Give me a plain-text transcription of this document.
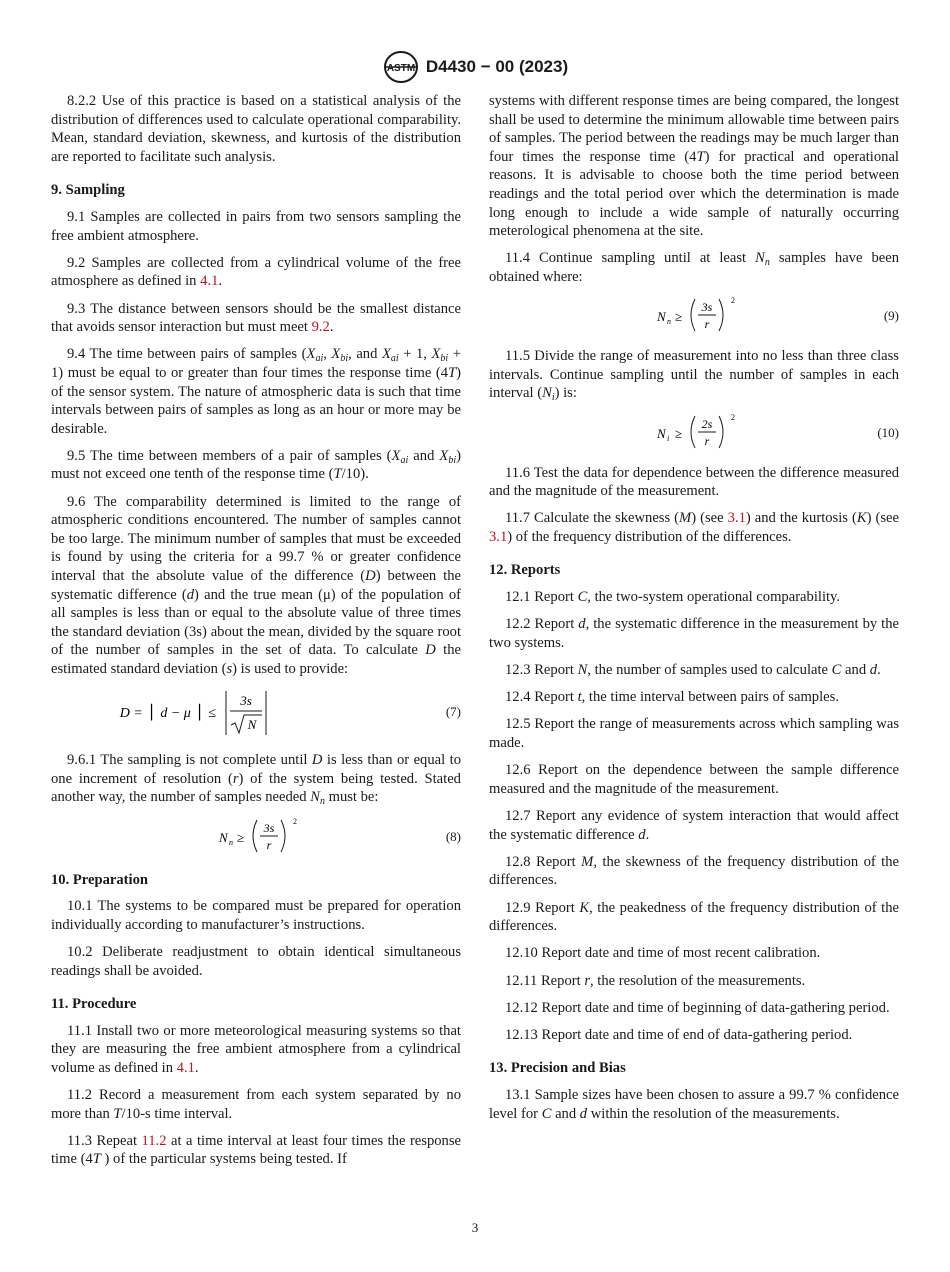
ASTM D4430 − 00 (2023)

8.2.2 Use of this practice is based on a statistical analysis of the distribution of differences used to calculate operational comparability. Mean, standard deviation, skewness, and kurtosis of the distribution are reported to facilitate such analysis.

9. Sampling

9.1 Samples are collected in pairs from two sensors sampling the free ambient atmosphere.

9.2 Samples are collected from a cylindrical volume of the free atmosphere as defined in 4.1.

9.3 The distance between sensors should be the smallest distance that avoids sensor interaction but must meet 9.2.

9.4 The time between pairs of samples ($X_{ai}$, $X_{bi}$, and $X_{ai} + 1$, $X_{bi} + 1$) must be equal to or greater than four times the response time (4T) of the sensor system. The nature of atmospheric data is such that time intervals between pairs of samples as long as an hour or more may be desirable.

9.5 The time between members of a pair of samples ($X_{ai}$ and $X_{bi}$) must not exceed one tenth of the response time (T/10).

9.6 The comparability determined is limited to the range of atmospheric conditions encountered. The number of samples cannot be too large. The minimum number of samples that must be exceeded is found by using the criteria for a 99.7 % or greater confidence interval that the absolute value of the difference (D) between the systematic difference (d) and the true mean (μ) of the population of all samples is less than or equal to the absolute value of three times the standard deviation (3s) about the mean, divided by the square root of the number of samples in the set of data. To calculate D the estimated standard deviation (s) is used to provide:

D = ⎪ d − μ ⎪ ≤
3s
N
(7)

9.6.1 The sampling is not complete until D is less than or equal to one increment of resolution (r) of the system being tested. Stated another way, the number of samples needed $N_n$ must be:

N n ≥
3s
r
2
(8)
10. Preparation

10.1 The systems to be compared must be prepared for operation individually according to manufacturer’s instructions.

10.2 Deliberate readjustment to obtain identical simultaneous readings shall be avoided.

11. Procedure

11.1 Install two or more meteorological measuring systems so that they are measuring the free ambient atmosphere from a cylindrical volume as defined in 4.1.

11.2 Record a measurement from each system separated by no more than T/10-s time interval.

11.3 Repeat 11.2 at a time interval at least four times the response time (4T ) of the particular systems being tested. If

systems with different response times are being compared, the longest shall be used to determine the minimum allowable time between pairs of samples. The period between the readings may be much larger than four times the response time (4T) for practical and operational reasons. It is advisable to choose both the time period between readings and the total period over which the determination is made long enough to include a wide sample of naturally occurring meterological phenomena at the site.

11.4 Continue sampling until at least $N_n$ samples have been obtained where:

N n ≥
3s
r
2
(9)

11.5 Divide the range of measurement into no less than three class intervals. Continue sampling until the number of samples in each interval $(N_i)$ is:

N i ≥
2s
r
2
(10)

11.6 Test the data for dependence between the difference measured and the magnitude of the measurement.

11.7 Calculate the skewness (M) (see 3.1) and the kurtosis (K) (see 3.1) of the frequency distribution of the differences.

12. Reports

12.1 Report C, the two-system operational comparability.

12.2 Report d, the systematic difference in the measurement by the two systems.

12.3 Report N, the number of samples used to calculate C and d.

12.4 Report t, the time interval between pairs of samples.

12.5 Report the range of measurements across which sampling was made.

12.6 Report on the dependence between the sample difference measured and the magnitude of the measurement.

12.7 Report any evidence of system interaction that would affect the systematic difference d.

12.8 Report M, the skewness of the frequency distribution of the differences.

12.9 Report K, the peakedness of the frequency distribution of the differences.

12.10 Report date and time of most recent calibration.

12.11 Report r, the resolution of the measurements.

12.12 Report date and time of beginning of data-gathering period.

12.13 Report date and time of end of data-gathering period.

13. Precision and Bias

13.1 Sample sizes have been chosen to assure a 99.7 % confidence level for C and d within the resolution of the measurements.

3
